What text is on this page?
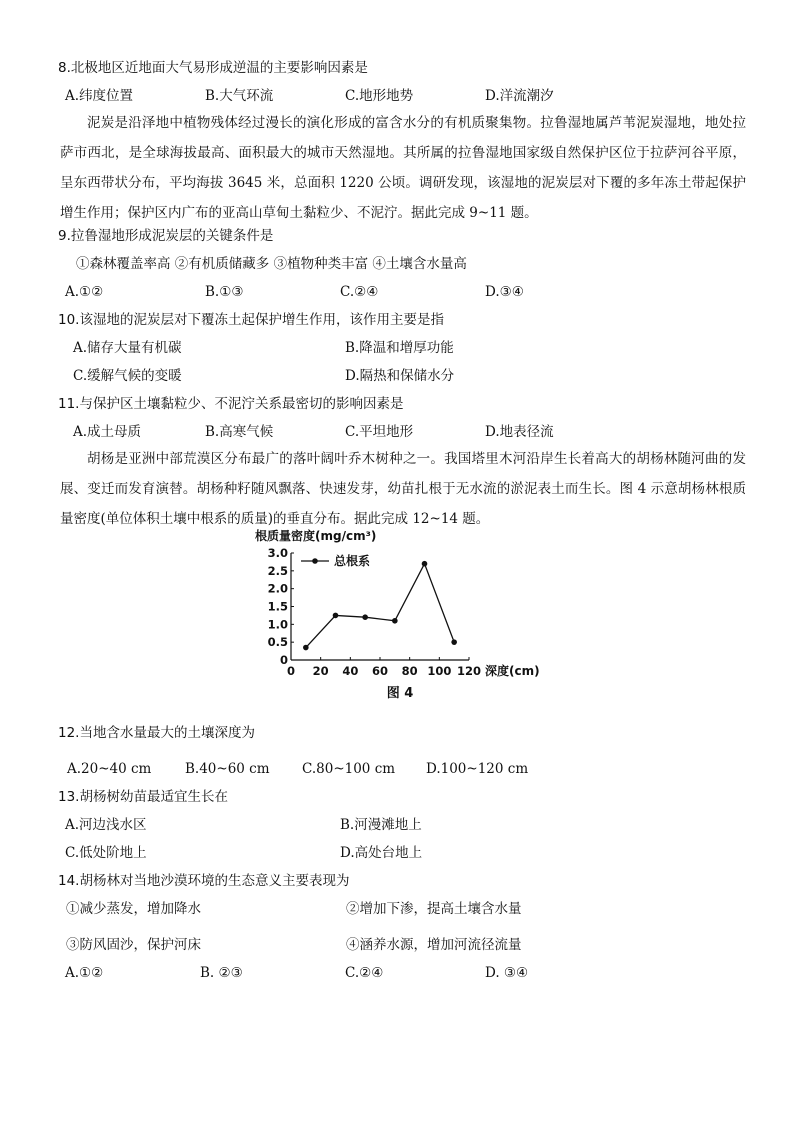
8.北极地区近地面大气易形成逆温的主要影响因素是
A.纬度位置	B.大气环流	C.地形地势	D.洋流潮汐
泥炭是沿泽地中植物残体经过漫长的演化形成的富含水分的有机质聚集物。拉鲁湿地属芦苇泥炭湿地，地处拉萨市西北，是全球海拔最高、面积最大的城市天然湿地。其所属的拉鲁湿地国家级自然保护区位于拉萨河谷平原，呈东西带状分布，平均海拔 3645 米，总面积 1220 公顷。调研发现，该湿地的泥炭层对下覆的多年冻土带起保护增生作用；保护区内广布的亚高山草甸土黏粒少、不泥泞。据此完成 9~11 题。
9.拉鲁湿地形成泥炭层的关键条件是
①森林覆盖率高 ②有机质储藏多 ③植物种类丰富 ④土壤含水量高
A.①②	B.①③	C.②④	D.③④
10.该湿地的泥炭层对下覆冻土起保护增生作用，该作用主要是指
A.储存大量有机碳	B.降温和增厚功能
C.缓解气候的变暖	D.隔热和保储水分
11.与保护区土壤黏粒少、不泥泞关系最密切的影响因素是
A.成土母质	B.高寒气候	C.平坦地形	D.地表径流
胡杨是亚洲中部荒漠区分布最广的落叶阔叶乔木树种之一。我国塔里木河沿岸生长着高大的胡杨林随河曲的发展、变迁而发育演替。胡杨种籽随风飘落、快速发芽，幼苗扎根于无水流的淤泥表土而生长。图 4 示意胡杨林根质量密度(单位体积土壤中根系的质量)的垂直分布。据此完成 12~14 题。
0
0.5
1.0
1.5
2.0
2.5
3.0
0 20 40 60 80 100 120
根质量密度(mg/cm³)
深度(cm)
图 4
总根系
12.当地含水量最大的土壤深度为
A.20~40 cm B.40~60 cm C.80~100 cm D.100~120 cm
13.胡杨树幼苗最适宜生长在
A.河边浅水区	B.河漫滩地上
C.低处阶地上	D.高处台地上
14.胡杨林对当地沙漠环境的生态意义主要表现为
①减少蒸发，增加降水	②增加下渗，提高土壤含水量
③防风固沙，保护河床	④涵养水源，增加河流径流量
A.①②	B. ②③	C.②④	D. ③④
